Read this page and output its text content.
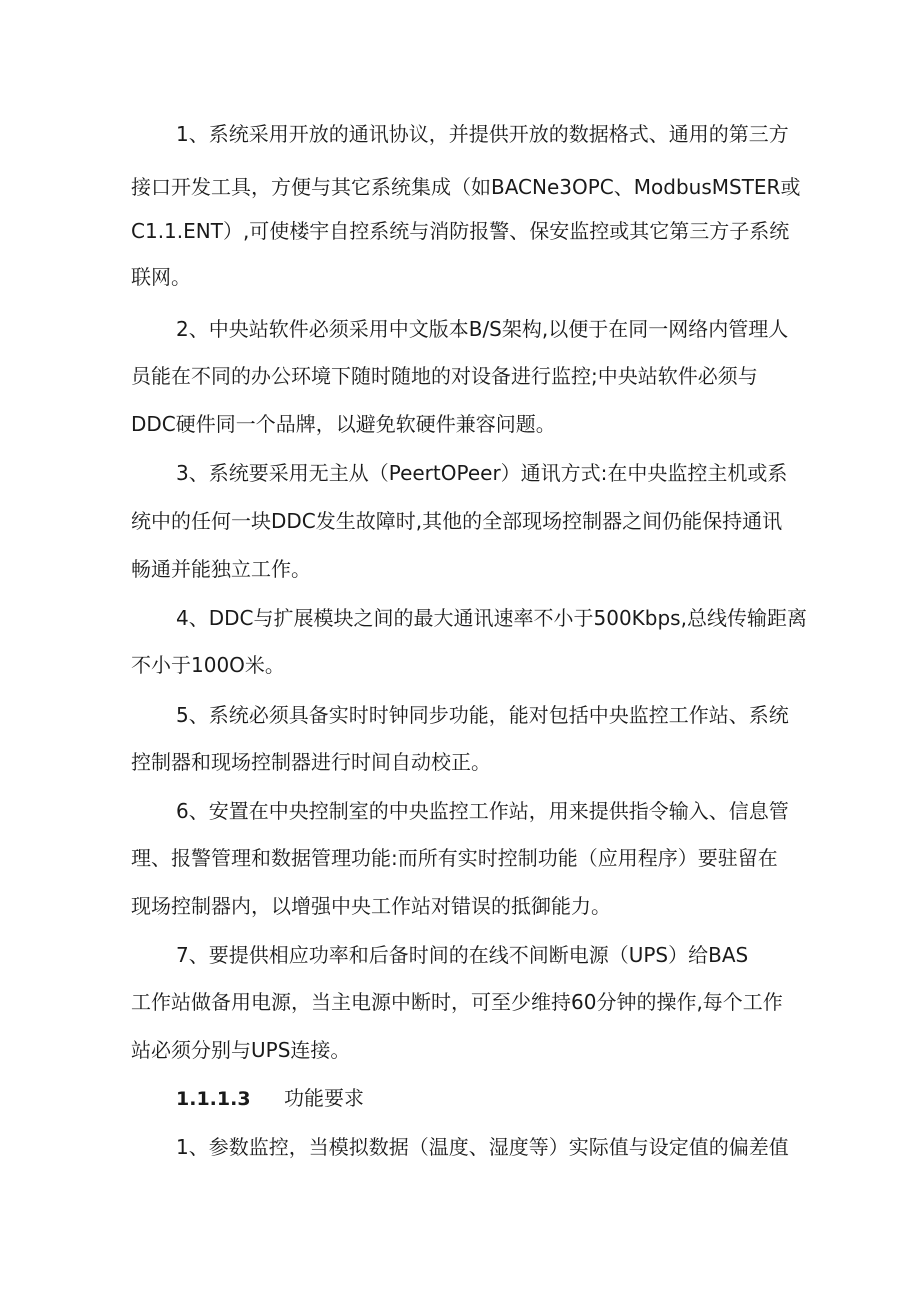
1、系统采用开放的通讯协议，并提供开放的数据格式、通用的第三方
接口开发工具，方便与其它系统集成（如BACNe3OPC、ModbusMSTER或
C1.1.ENT）,可使楼宇自控系统与消防报警、保安监控或其它第三方子系统
联网。
2、中央站软件必须采用中文版本B/S架构,以便于在同一网络内管理人
员能在不同的办公环境下随时随地的对设备进行监控;中央站软件必须与
DDC硬件同一个品牌，以避免软硬件兼容问题。
3、系统要采用无主从（PeertOPeer）通讯方式:在中央监控主机或系
统中的任何一块DDC发生故障时,其他的全部现场控制器之间仍能保持通讯
畅通并能独立工作。
4、DDC与扩展模块之间的最大通讯速率不小于500Kbps,总线传输距离
不小于100O米。
5、系统必须具备实时时钟同步功能，能对包括中央监控工作站、系统
控制器和现场控制器进行时间自动校正。
6、安置在中央控制室的中央监控工作站，用来提供指令输入、信息管
理、报警管理和数据管理功能:而所有实时控制功能（应用程序）要驻留在
现场控制器内，以增强中央工作站对错误的抵御能力。
7、要提供相应功率和后备时间的在线不间断电源（UPS）给BAS
工作站做备用电源，当主电源中断时，可至少维持60分钟的操作,每个工作
站必须分别与UPS连接。
1.1.1.3 功能要求
1、参数监控，当模拟数据（温度、湿度等）实际值与设定值的偏差值
